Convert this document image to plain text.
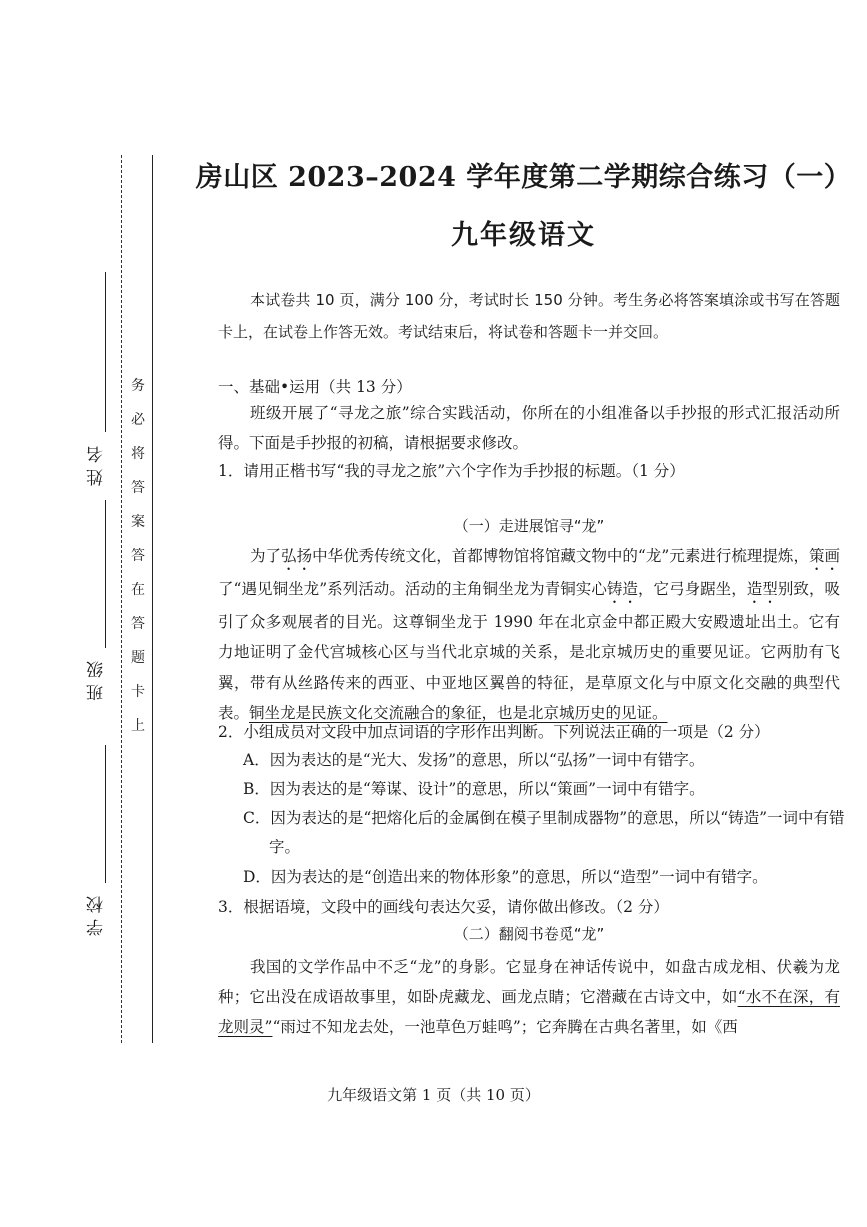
姓名
班级
学校
务
必
将
答
案
答
在
答
题
卡
上
房山区 2023–2024 学年度第二学期综合练习（一）
九年级语文
本试卷共 10 页，满分 100 分，考试时长 150 分钟。考生务必将答案填涂或书写在答题卡上，在试卷上作答无效。考试结束后，将试卷和答题卡一并交回。
一、基础•运用（共 13 分）
班级开展了“寻龙之旅”综合实践活动，你所在的小组准备以手抄报的形式汇报活动所得。下面是手抄报的初稿，请根据要求修改。
1．请用正楷书写“我的寻龙之旅”六个字作为手抄报的标题。（1 分）
（一）走进展馆寻“龙”
为了弘扬中华优秀传统文化，首都博物馆将馆藏文物中的“龙”元素进行梳理提炼，策画了“遇见铜坐龙”系列活动。活动的主角铜坐龙为青铜实心铸造，它弓身踞坐，造型别致，吸引了众多观展者的目光。这尊铜坐龙于 1990 年在北京金中都正殿大安殿遗址出土。它有力地证明了金代宫城核心区与当代北京城的关系，是北京城历史的重要见证。它两肋有飞翼，带有从丝路传来的西亚、中亚地区翼兽的特征，是草原文化与中原文化交融的典型代表。铜坐龙是民族文化交流融合的象征，也是北京城历史的见证。
2．小组成员对文段中加点词语的字形作出判断。下列说法正确的一项是（2 分）
A．因为表达的是“光大、发扬”的意思，所以“弘扬”一词中有错字。
B．因为表达的是“筹谋、设计”的意思，所以“策画”一词中有错字。
C．因为表达的是“把熔化后的金属倒在模子里制成器物”的意思，所以“铸造”一词中有错字。
D．因为表达的是“创造出来的物体形象”的意思，所以“造型”一词中有错字。
3．根据语境，文段中的画线句表达欠妥，请你做出修改。（2 分）
（二）翻阅书卷觅“龙”
我国的文学作品中不乏“龙”的身影。它显身在神话传说中，如盘古成龙相、伏羲为龙种；它出没在成语故事里，如卧虎藏龙、画龙点睛；它潜藏在古诗文中，如“水不在深，有龙则灵”“雨过不知龙去处，一池草色万蛙鸣”；它奔腾在古典名著里，如《西
九年级语文第 1 页（共 10 页）
